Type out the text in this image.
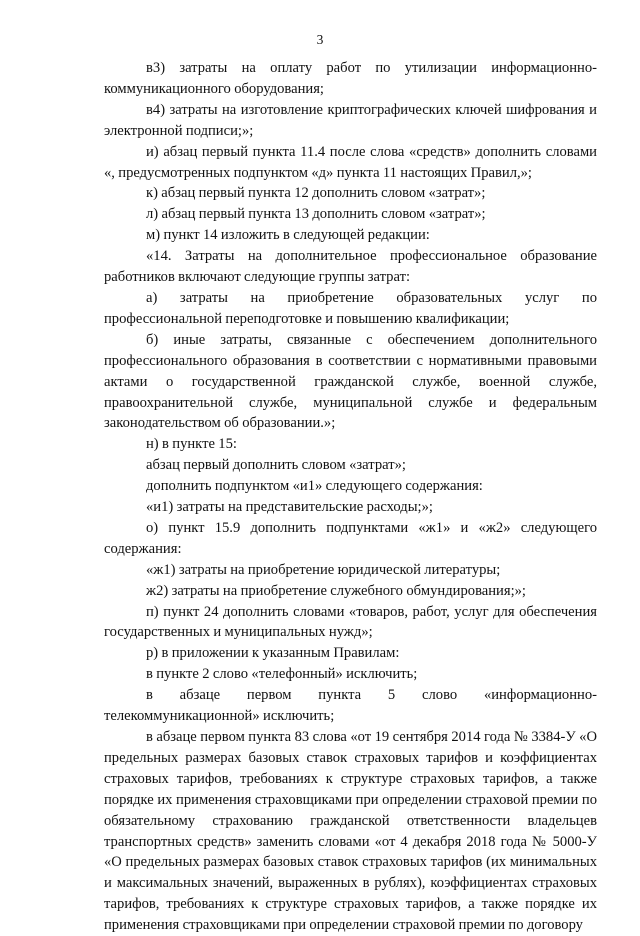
3

в3) затраты на оплату работ по утилизации информационно-коммуникационного оборудования;

в4) затраты на изготовление криптографических ключей шифрования и электронной подписи;»;

и) абзац первый пункта 11.4 после слова «средств» дополнить словами «, предусмотренных подпунктом «д» пункта 11 настоящих Правил,»;

к) абзац первый пункта 12 дополнить словом «затрат»;

л) абзац первый пункта 13 дополнить словом «затрат»;

м) пункт 14 изложить в следующей редакции:

«14. Затраты на дополнительное профессиональное образование работников включают следующие группы затрат:

а) затраты на приобретение образовательных услуг по профессиональной переподготовке и повышению квалификации;

б) иные затраты, связанные с обеспечением дополнительного профессионального образования в соответствии с нормативными правовыми актами о государственной гражданской службе, военной службе, правоохранительной службе, муниципальной службе и федеральным законодательством об образовании.»;

н) в пункте 15:

абзац первый дополнить словом «затрат»;

дополнить подпунктом «и1» следующего содержания:

«и1) затраты на представительские расходы;»;

о) пункт 15.9 дополнить подпунктами «ж1» и «ж2» следующего содержания:

«ж1) затраты на приобретение юридической литературы;

ж2) затраты на приобретение служебного обмундирования;»;

п) пункт 24 дополнить словами «товаров, работ, услуг для обеспечения государственных и муниципальных нужд»;

р) в приложении к указанным Правилам:

в пункте 2 слово «телефонный» исключить;

в абзаце первом пункта 5 слово «информационно-телекоммуникационной» исключить;

в абзаце первом пункта 83 слова «от 19 сентября 2014 года № 3384-У «О предельных размерах базовых ставок страховых тарифов и коэффициентах страховых тарифов, требованиях к структуре страховых тарифов, а также порядке их применения страховщиками при определении страховой премии по обязательному страхованию гражданской ответственности владельцев транспортных средств» заменить словами «от 4 декабря 2018 года № 5000-У «О предельных размерах базовых ставок страховых тарифов (их минимальных и максимальных значений, выраженных в рублях), коэффициентах страховых тарифов, требованиях к структуре страховых тарифов, а также порядке их применения страховщиками при определении страховой премии по договору
